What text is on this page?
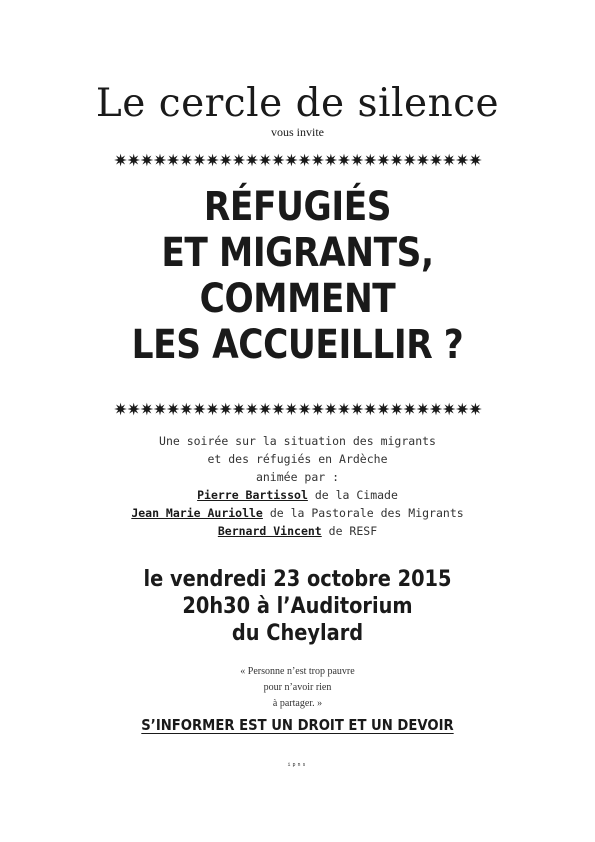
Le cercle de silence
vous invite
RÉFUGIÉS
ET MIGRANTS,
COMMENT
LES ACCUEILLIR ?
Une soirée sur la situation des migrants
et des réfugiés en Ardèche
animée par :
Pierre Bartissol de la Cimade
Jean Marie Auriolle de la Pastorale des Migrants
Bernard Vincent de RESF
le vendredi 23 octobre 2015
20h30 à l’Auditorium
du Cheylard
« Personne n’est trop pauvre
pour n’avoir rien
à partager. »
S’INFORMER EST UN DROIT ET UN DEVOIR
ipns
